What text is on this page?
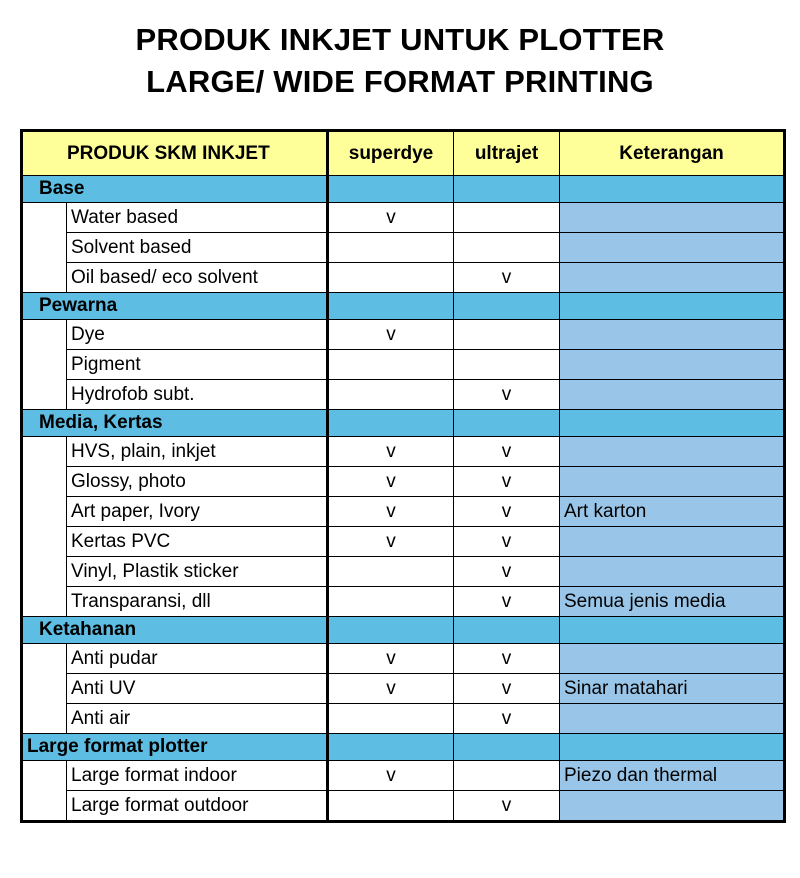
PRODUK INKJET UNTUK PLOTTER
LARGE/ WIDE FORMAT PRINTING
PRODUK SKM INKJET		superdye	ultrajet	Keterangan
Base				
	Water based	v		
	Solvent based			
	Oil based/ eco solvent		v	
Pewarna				
	Dye	v		
	Pigment			
	Hydrofob subt.		v	
Media, Kertas				
	HVS, plain, inkjet	v	v	
	Glossy, photo	v	v	
	Art paper, Ivory	v	v	Art karton
	Kertas PVC	v	v	
	Vinyl, Plastik sticker		v	
	Transparansi, dll		v	Semua jenis media
Ketahanan				
	Anti pudar	v	v	
	Anti UV	v	v	Sinar matahari
	Anti air		v	
Large format plotter				
	Large format indoor	v		Piezo dan thermal
	Large format outdoor		v	
